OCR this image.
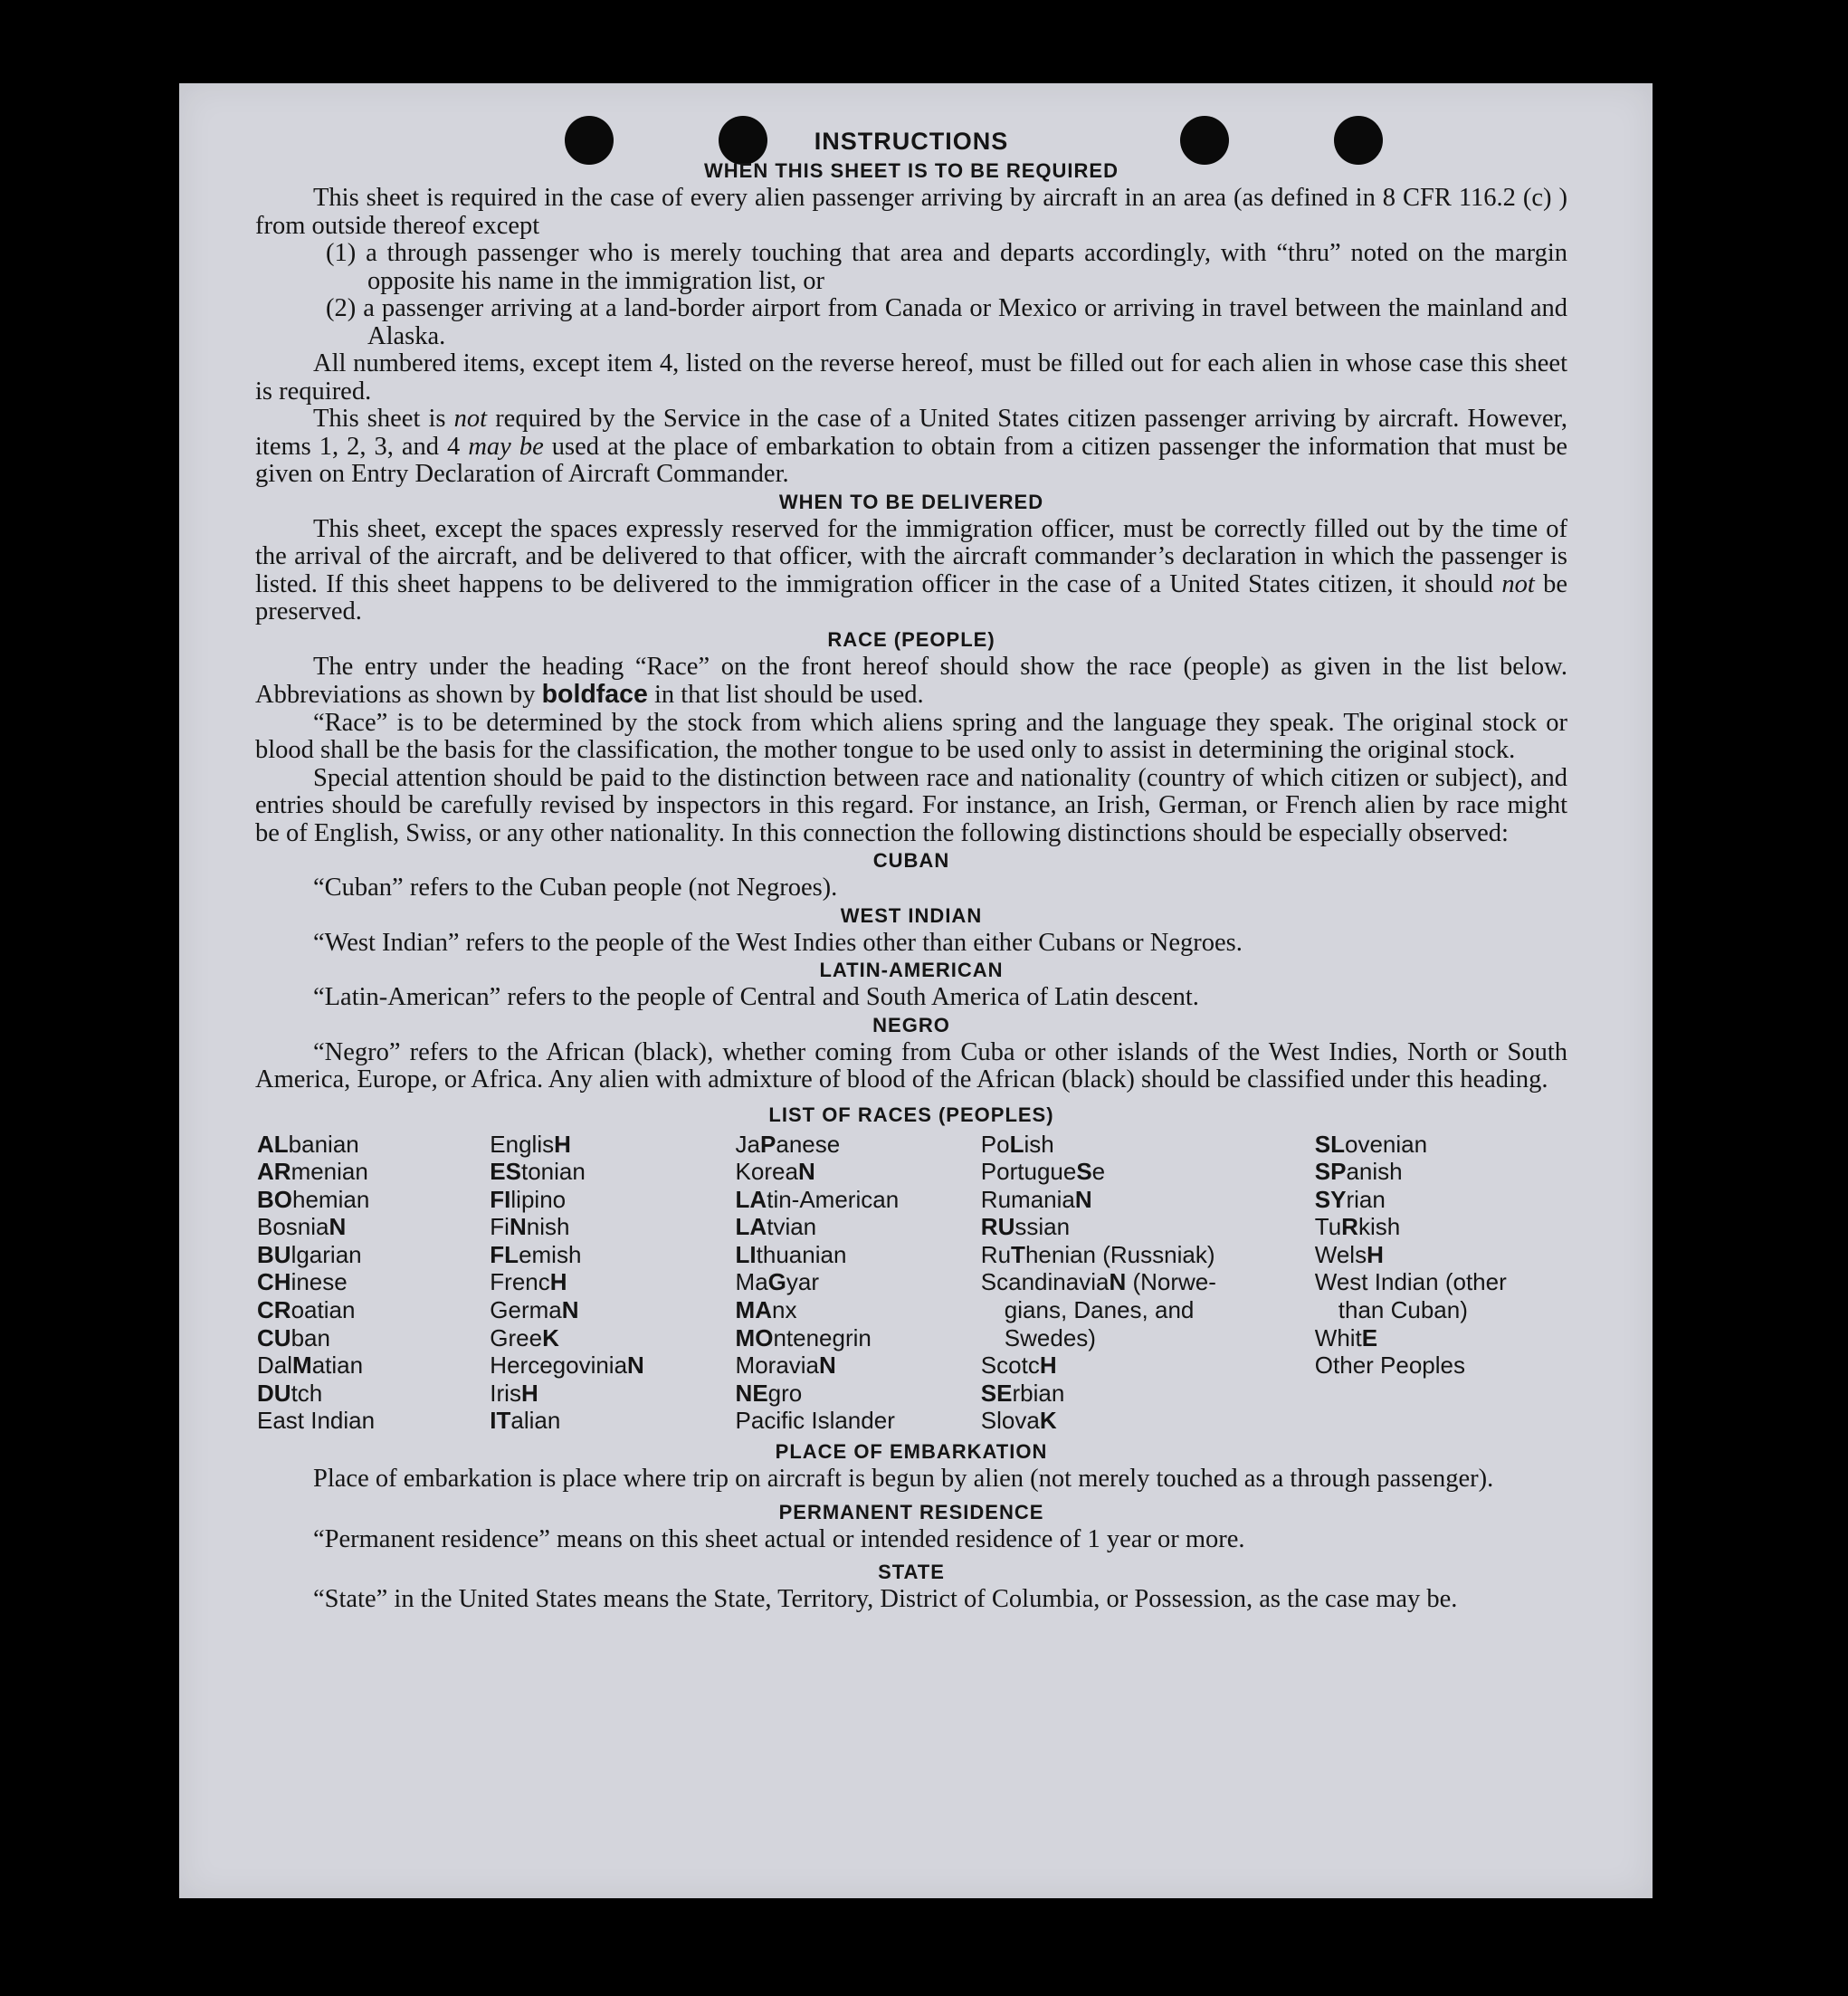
INSTRUCTIONS
WHEN THIS SHEET IS TO BE REQUIRED

This sheet is required in the case of every alien passenger arriving by aircraft in an area (as defined in 8 CFR 116.2 (c) ) from outside thereof except

(1) a through passenger who is merely touching that area and departs accordingly, with “thru” noted on the margin opposite his name in the immigration list, or

(2) a passenger arriving at a land-border airport from Canada or Mexico or arriving in travel between the mainland and Alaska.

All numbered items, except item 4, listed on the reverse hereof, must be filled out for each alien in whose case this sheet is required.

This sheet is not required by the Service in the case of a United States citizen passenger arriving by aircraft. However, items 1, 2, 3, and 4 may be used at the place of embarkation to obtain from a citizen passenger the information that must be given on Entry Declaration of Aircraft Commander.

WHEN TO BE DELIVERED

This sheet, except the spaces expressly reserved for the immigration officer, must be correctly filled out by the time of the arrival of the aircraft, and be delivered to that officer, with the aircraft commander’s declaration in which the passenger is listed. If this sheet happens to be delivered to the immigration officer in the case of a United States citizen, it should not be preserved.

RACE (PEOPLE)

The entry under the heading “Race” on the front hereof should show the race (people) as given in the list below. Abbreviations as shown by boldface in that list should be used.

“Race” is to be determined by the stock from which aliens spring and the language they speak. The original stock or blood shall be the basis for the classification, the mother tongue to be used only to assist in determining the original stock.

Special attention should be paid to the distinction between race and nationality (country of which citizen or subject), and entries should be carefully revised by inspectors in this regard. For instance, an Irish, German, or French alien by race might be of English, Swiss, or any other nationality. In this connection the following distinctions should be especially observed:

CUBAN

“Cuban” refers to the Cuban people (not Negroes).

WEST INDIAN

“West Indian” refers to the people of the West Indies other than either Cubans or Negroes.

LATIN-AMERICAN

“Latin-American” refers to the people of Central and South America of Latin descent.

NEGRO

“Negro” refers to the African (black), whether coming from Cuba or other islands of the West Indies, North or South America, Europe, or Africa. Any alien with admixture of blood of the African (black) should be classified under this heading.

LIST OF RACES (PEOPLES)
ALbanian
ARmenian
BOhemian
BosniaN
BUlgarian
CHinese
CRoatian
CUban
DalMatian
DUtch
East Indian
EnglisH
EStonian
FIlipino
FiNnish
FLemish
FrencH
GermaN
GreeK
HercegoviniaN
IrisH
ITalian
JaPanese
KoreaN
LAtin-American
LAtvian
LIthuanian
MaGyar
MAnx
MOntenegrin
MoraviaN
NEgro
Pacific Islander
PoLish
PortugueSe
RumaniaN
RUssian
RuThenian (Russniak)
ScandinaviaN (Norwe-
gians, Danes, and
Swedes)
ScotcH
SErbian
SlovaK
SLovenian
SPanish
SYrian
TuRkish
WelsH
West Indian (other
than Cuban)
WhitE
Other Peoples
PLACE OF EMBARKATION

Place of embarkation is place where trip on aircraft is begun by alien (not merely touched as a through passenger).

PERMANENT RESIDENCE

“Permanent residence” means on this sheet actual or intended residence of 1 year or more.

STATE

“State” in the United States means the State, Territory, District of Columbia, or Possession, as the case may be.
